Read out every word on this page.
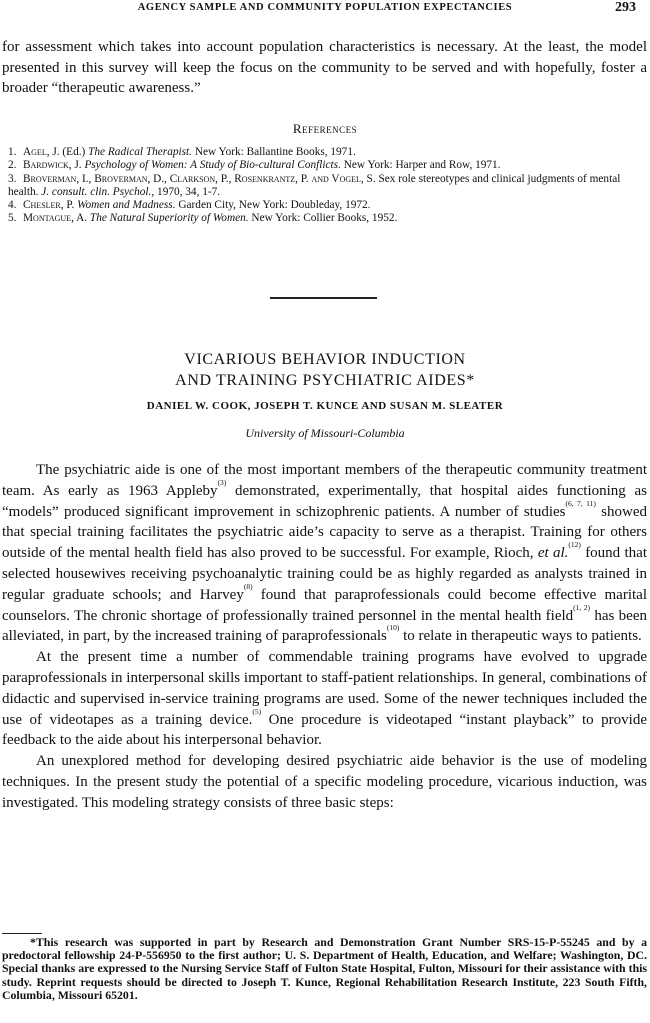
AGENCY SAMPLE AND COMMUNITY POPULATION EXPECTANCIES	293

for assessment which takes into account population characteristics is necessary. At the least, the model presented in this survey will keep the focus on the community to be served and with hopefully, foster a broader “therapeutic awareness.”

References
1. Agel, J. (Ed.) The Radical Therapist. New York: Ballantine Books, 1971.
2. Bardwick, J. Psychology of Women: A Study of Bio-cultural Conflicts. New York: Harper and Row, 1971.
3. Broverman, I., Broverman, D., Clarkson, P., Rosenkrantz, P. and Vogel, S. Sex role stereotypes and clinical judgments of mental health. J. consult. clin. Psychol., 1970, 34, 1-7.
4. Chesler, P. Women and Madness. Garden City, New York: Doubleday, 1972.
5. Montague, A. The Natural Superiority of Women. New York: Collier Books, 1952.
VICARIOUS BEHAVIOR INDUCTION
AND TRAINING PSYCHIATRIC AIDES*
DANIEL W. COOK, JOSEPH T. KUNCE AND SUSAN M. SLEATER
University of Missouri-Columbia

The psychiatric aide is one of the most important members of the therapeutic community treatment team. As early as 1963 Appleby$^{(3)}$ demonstrated, experimentally, that hospital aides functioning as “models” produced significant improvement in schizophrenic patients. A number of studies$^{(6, 7, 11)}$ showed that special training facilitates the psychiatric aide’s capacity to serve as a therapist. Training for others outside of the mental health field has also proved to be successful. For example, Rioch, et al.$^{(12)}$ found that selected housewives receiving psychoanalytic training could be as highly regarded as analysts trained in regular graduate schools; and Harvey$^{(8)}$ found that paraprofessionals could become effective marital counselors. The chronic shortage of professionally trained personnel in the mental health field$^{(1, 2)}$ has been alleviated, in part, by the increased training of paraprofessionals$^{(10)}$ to relate in therapeutic ways to patients.

At the present time a number of commendable training programs have evolved to upgrade paraprofessionals in interpersonal skills important to staff-patient relationships. In general, combinations of didactic and supervised in-service training programs are used. Some of the newer techniques included the use of videotapes as a training device.$^{(5)}$ One procedure is videotaped “instant playback” to provide feedback to the aide about his interpersonal behavior.

An unexplored method for developing desired psychiatric aide behavior is the use of modeling techniques. In the present study the potential of a specific modeling procedure, vicarious induction, was investigated. This modeling strategy consists of three basic steps:

*This research was supported in part by Research and Demonstration Grant Number SRS-15-P-55245 and by a predoctoral fellowship 24-P-556950 to the first author; U. S. Department of Health, Education, and Welfare; Washington, DC. Special thanks are expressed to the Nursing Service Staff of Fulton State Hospital, Fulton, Missouri for their assistance with this study. Reprint requests should be directed to Joseph T. Kunce, Regional Rehabilitation Research Institute, 223 South Fifth, Columbia, Missouri 65201.
